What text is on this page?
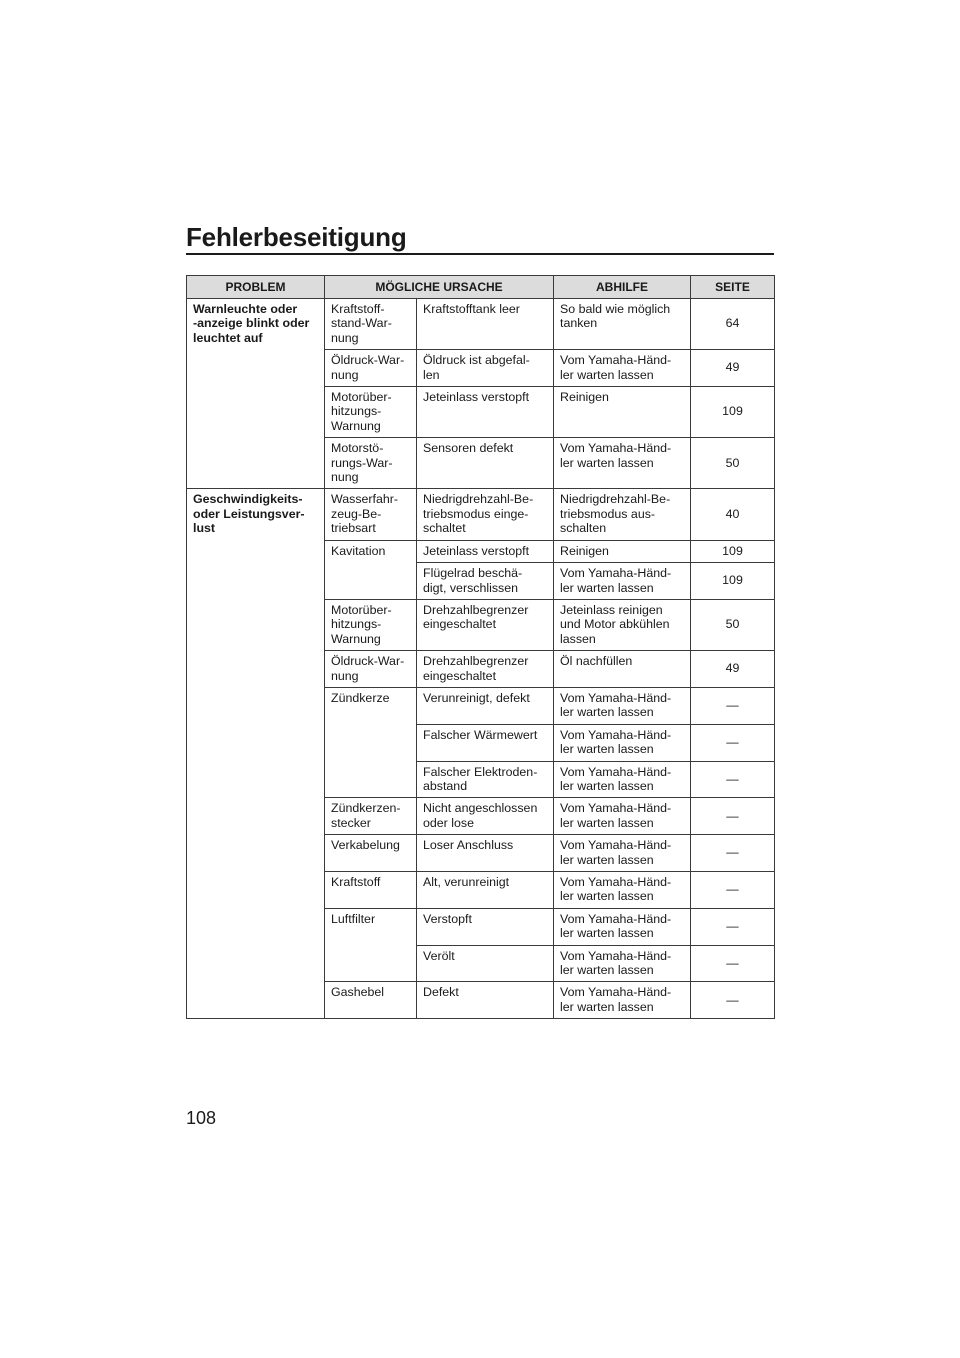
Fehlerbeseitigung
PROBLEM	MÖGLICHE URSACHE		ABHILFE	SEITE
Warnleuchte oder
-anzeige blinkt oder
leuchtet auf	Kraftstoff-
stand-War-
nung	Kraftstofftank leer	So bald wie möglich
tanken	64
	Öldruck-War-
nung	Öldruck ist abgefal-
len	Vom Yamaha-Händ-
ler warten lassen	49
	Motorüber-
hitzungs-
Warnung	Jeteinlass verstopft	Reinigen	109
	Motorstö-
rungs-War-
nung	Sensoren defekt	Vom Yamaha-Händ-
ler warten lassen	50
Geschwindigkeits-
oder Leistungsver-
lust	Wasserfahr-
zeug-Be-
triebsart	Niedrigdrehzahl-Be-
triebsmodus einge-
schaltet	Niedrigdrehzahl-Be-
triebsmodus aus-
schalten	40
	Kavitation	Jeteinlass verstopft	Reinigen	109
		Flügelrad beschä-
digt, verschlissen	Vom Yamaha-Händ-
ler warten lassen	109
	Motorüber-
hitzungs-
Warnung	Drehzahlbegrenzer
eingeschaltet	Jeteinlass reinigen
und Motor abkühlen
lassen	50
	Öldruck-War-
nung	Drehzahlbegrenzer
eingeschaltet	Öl nachfüllen	49
	Zündkerze	Verunreinigt, defekt	Vom Yamaha-Händ-
ler warten lassen	—
		Falscher Wärmewert	Vom Yamaha-Händ-
ler warten lassen	—
		Falscher Elektroden-
abstand	Vom Yamaha-Händ-
ler warten lassen	—
	Zündkerzen-
stecker	Nicht angeschlossen
oder lose	Vom Yamaha-Händ-
ler warten lassen	—
	Verkabelung	Loser Anschluss	Vom Yamaha-Händ-
ler warten lassen	—
	Kraftstoff	Alt, verunreinigt	Vom Yamaha-Händ-
ler warten lassen	—
	Luftfilter	Verstopft	Vom Yamaha-Händ-
ler warten lassen	—
		Verölt	Vom Yamaha-Händ-
ler warten lassen	—
	Gashebel	Defekt	Vom Yamaha-Händ-
ler warten lassen	—
108
